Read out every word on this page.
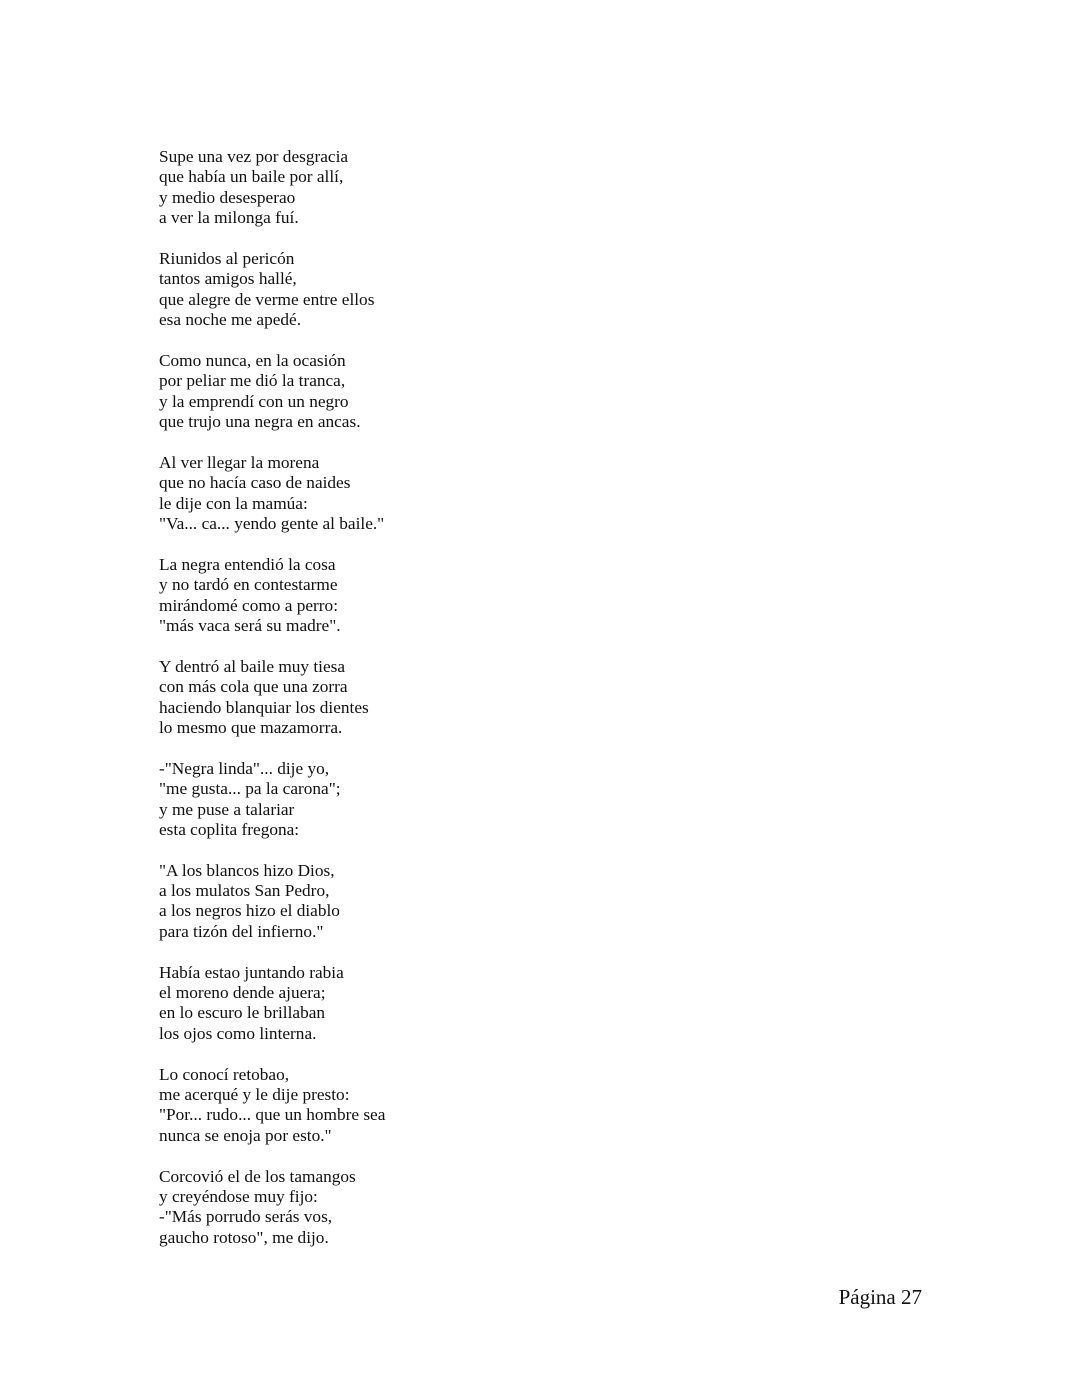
Supe una vez por desgracia
que había un baile por allí,
y medio desesperao
a ver la milonga fuí.
Riunidos al pericón
tantos amigos hallé,
que alegre de verme entre ellos
esa noche me apedé.
Como nunca, en la ocasión
por peliar me dió la tranca,
y la emprendí con un negro
que trujo una negra en ancas.
Al ver llegar la morena
que no hacía caso de naides
le dije con la mamúa:
"Va... ca... yendo gente al baile."
La negra entendió la cosa
y no tardó en contestarme
mirándomé como a perro:
"más vaca será su madre".
Y dentró al baile muy tiesa
con más cola que una zorra
haciendo blanquiar los dientes
lo mesmo que mazamorra.
-"Negra linda"... dije yo,
"me gusta... pa la carona";
y me puse a talariar
esta coplita fregona:
"A los blancos hizo Dios,
a los mulatos San Pedro,
a los negros hizo el diablo
para tizón del infierno."
Había estao juntando rabia
el moreno dende ajuera;
en lo escuro le brillaban
los ojos como linterna.
Lo conocí retobao,
me acerqué y le dije presto:
"Por... rudo... que un hombre sea
nunca se enoja por esto."
Corcovió el de los tamangos
y creyéndose muy fijo:
-"Más porrudo serás vos,
gaucho rotoso", me dijo.
Página 27
